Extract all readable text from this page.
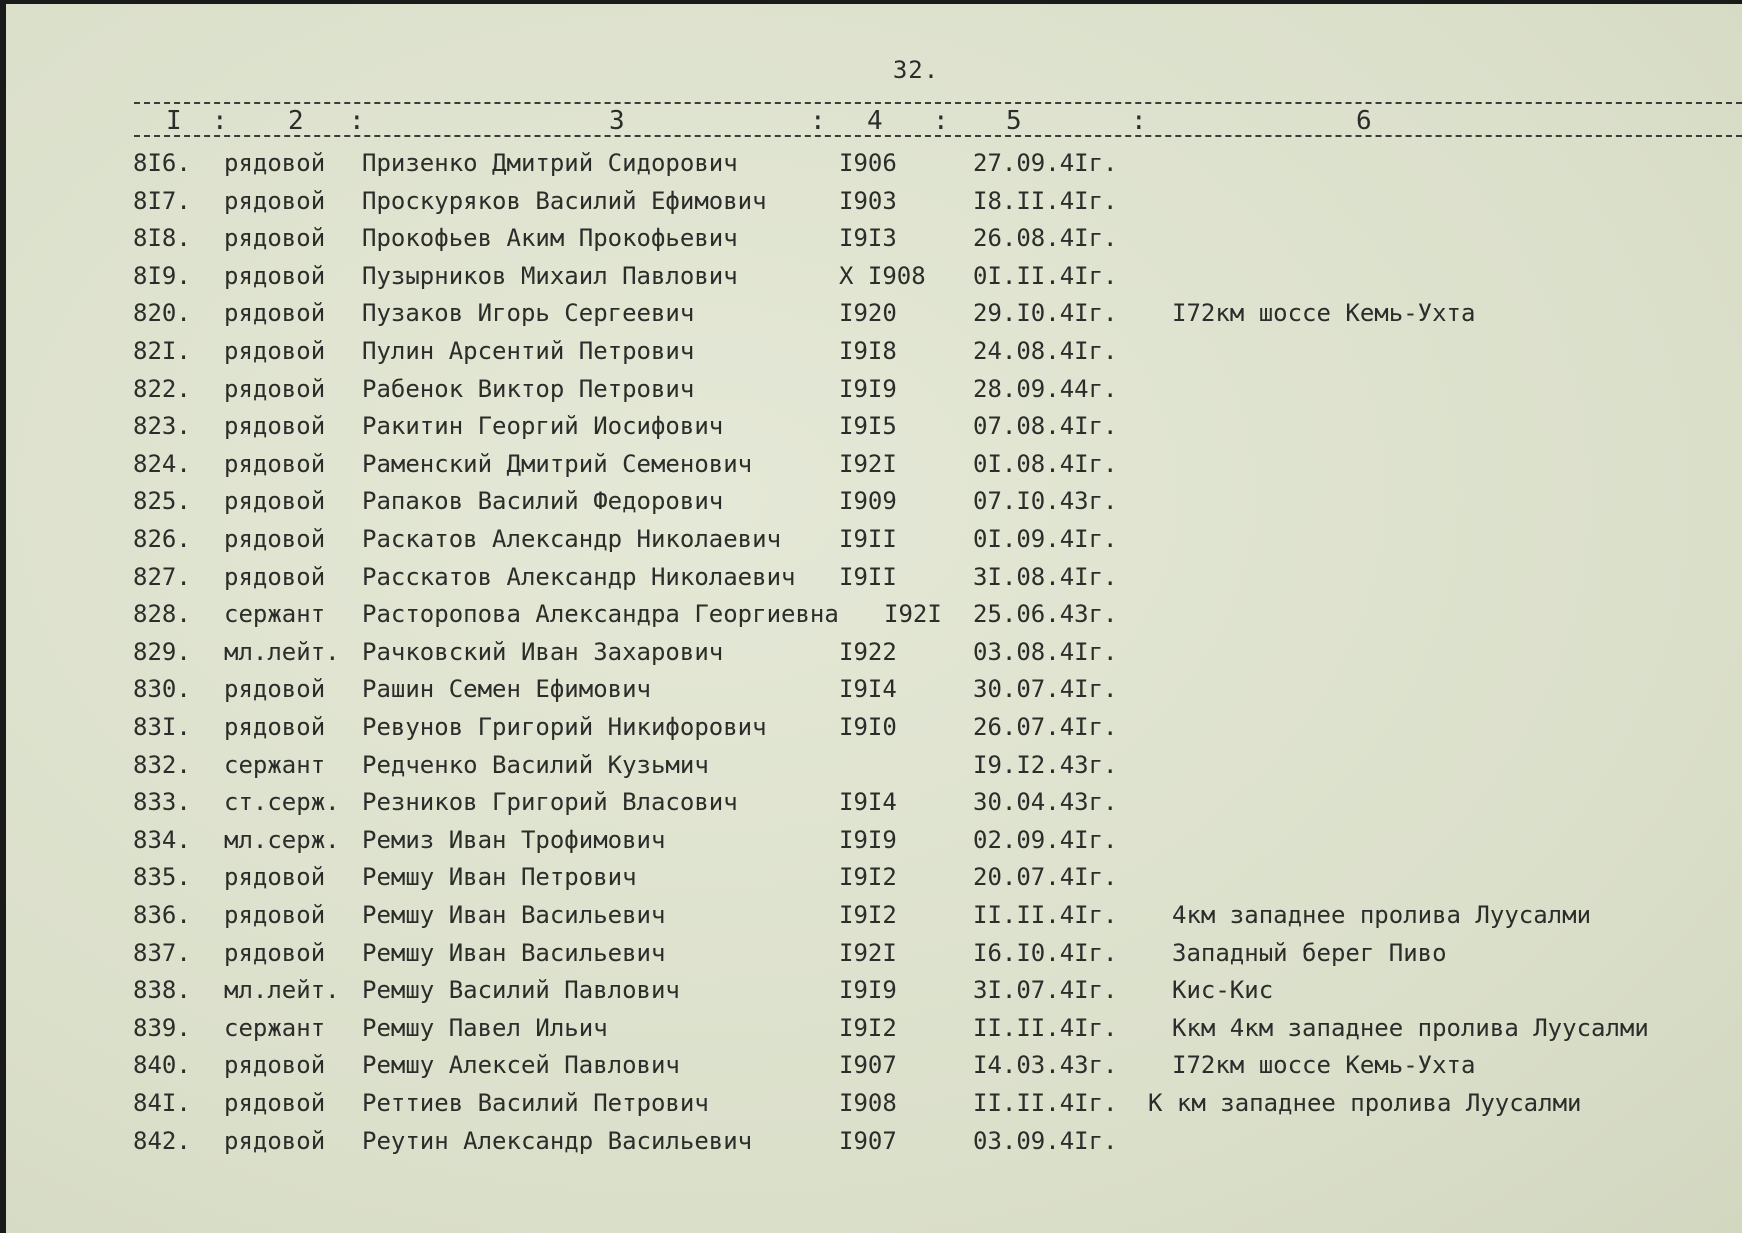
32.
I : 2 :	3	: 4 : 5	:	6
8I6. рядовой Призенко Дмитрий Сидорович	I906	27.09.4Iг.
8I7. рядовой Проскуряков Василий Ефимович	I903	I8.II.4Iг.
8I8. рядовой Прокофьев Аким Прокофьевич	I9I3	26.08.4Iг.
8I9. рядовой Пузырников Михаил Павлович	X I908 0I.II.4Iг.
820. рядовой Пузаков Игорь Сергеевич	I920	29.I0.4Iг. I72км шоссе Кемь-Ухта
82I. рядовой Пулин Арсентий Петрович	I9I8	24.08.4Iг.
822. рядовой Рабенок Виктор Петрович	I9I9	28.09.44г.
823. рядовой Ракитин Георгий Иосифович	I9I5	07.08.4Iг.
824. рядовой Раменский Дмитрий Семенович	I92I	0I.08.4Iг.
825. рядовой Рапаков Василий Федорович	I909	07.I0.43г.
826. рядовой Раскатов Александр Николаевич I9II	0I.09.4Iг.
827. рядовой Расскатов Александр Николаевич I9II	3I.08.4Iг.
828. сержант Расторопова Александра Георгиевна I92I 25.06.43г.
829. мл.лейт. Рачковский Иван Захарович	I922	03.08.4Iг.
830. рядовой Рашин Семен Ефимович	I9I4	30.07.4Iг.
83I. рядовой Ревунов Григорий Никифорович	I9I0	26.07.4Iг.
832. сержант Редченко Василий Кузьмич	I9.I2.43г.
833. ст.серж. Резников Григорий Власович	I9I4	30.04.43г.
834. мл.серж. Ремиз Иван Трофимович	I9I9	02.09.4Iг.
835. рядовой Ремшу Иван Петрович	I9I2	20.07.4Iг.
836. рядовой Ремшу Иван Васильевич	I9I2	II.II.4Iг. 4км западнее пролива Луусалми
837. рядовой Ремшу Иван Васильевич	I92I	I6.I0.4Iг. Западный берег Пиво
838. мл.лейт. Ремшу Василий Павлович	I9I9	3I.07.4Iг. Кис-Кис
839. сержант Ремшу Павел Ильич	I9I2	II.II.4Iг. Ккм 4км западнее пролива Луусалми
840. рядовой Ремшу Алексей Павлович	I907	I4.03.43г. I72км шоссе Кемь-Ухта
84I. рядовой Реттиев Василий Петрович	I908	II.II.4Iг. К км западнее пролива Луусалми
842. рядовой Реутин Александр Васильевич	I907	03.09.4Iг.
